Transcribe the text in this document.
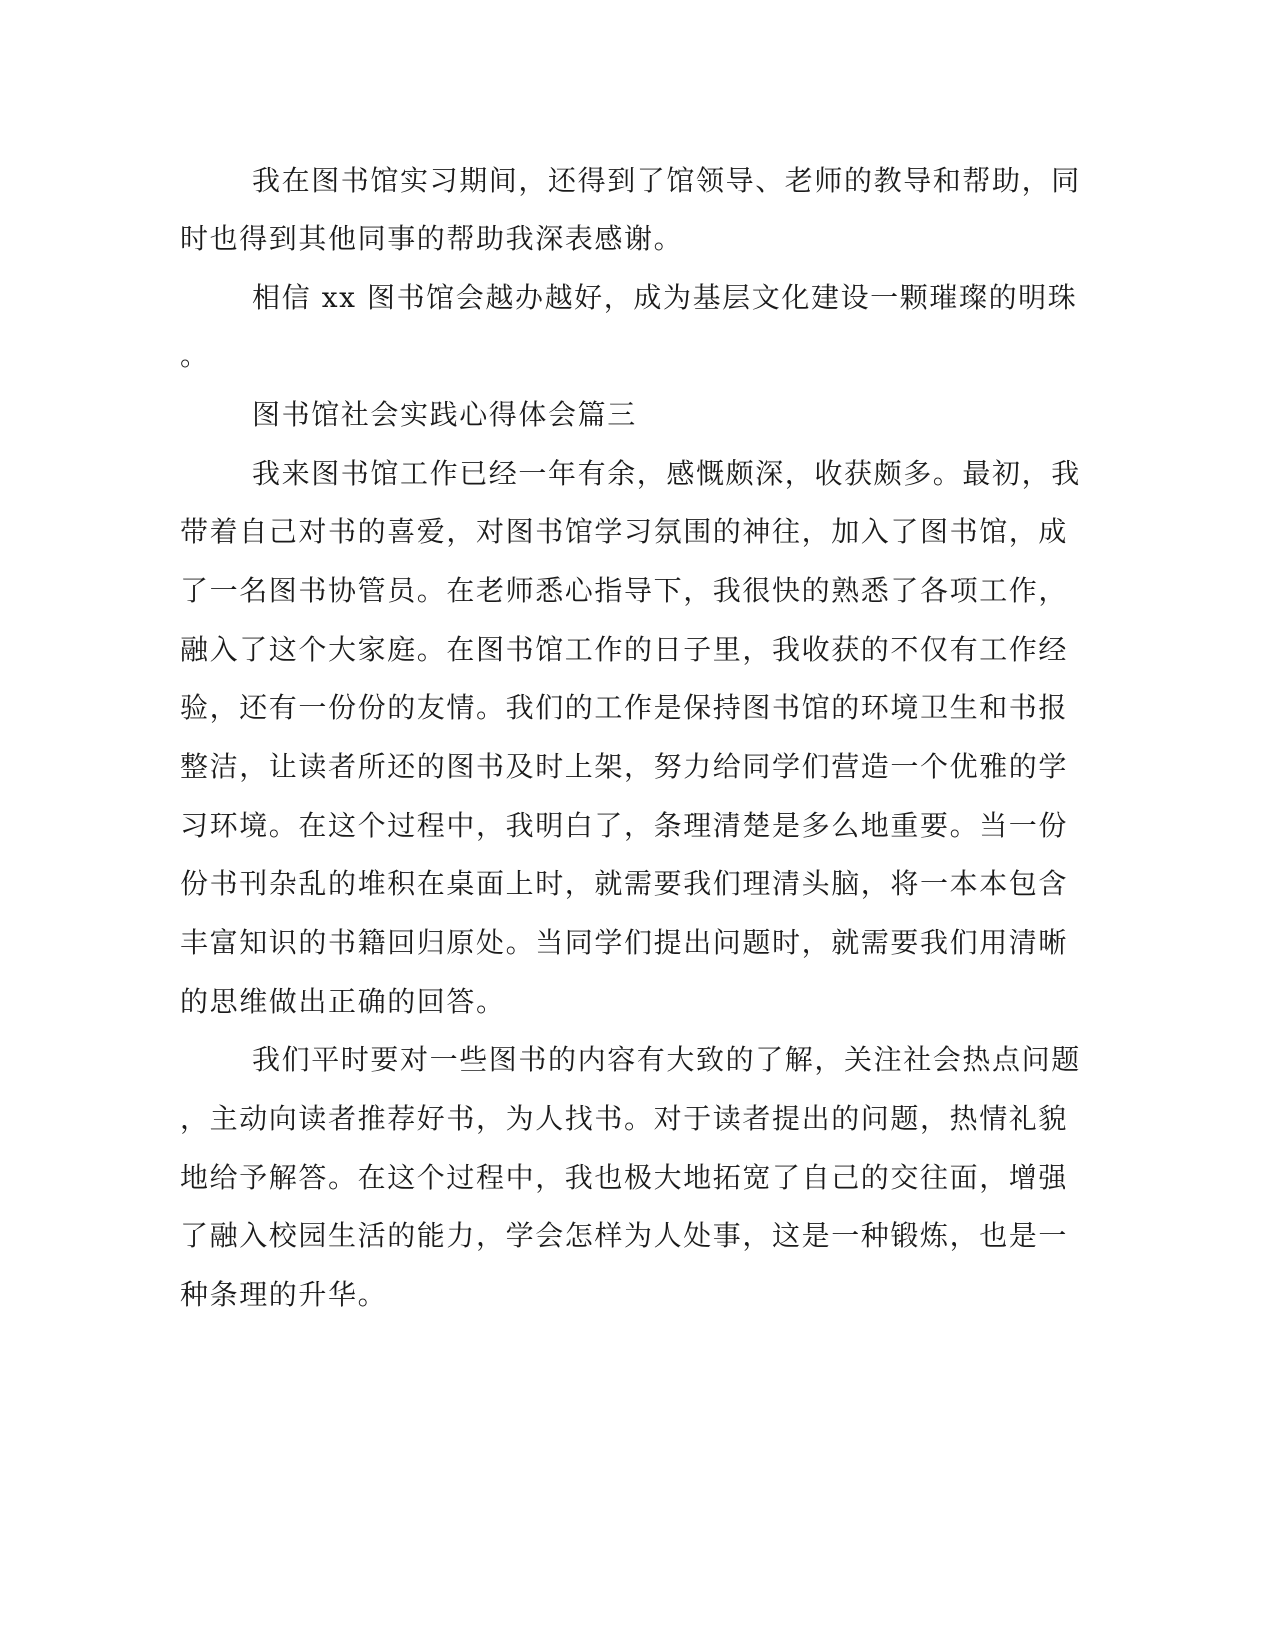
我在图书馆实习期间，还得到了馆领导、老师的教导和帮助，同
时也得到其他同事的帮助我深表感谢。
相信 xx 图书馆会越办越好，成为基层文化建设一颗璀璨的明珠
。
图书馆社会实践心得体会篇三
我来图书馆工作已经一年有余，感慨颇深，收获颇多。最初，我
带着自己对书的喜爱，对图书馆学习氛围的神往，加入了图书馆，成
了一名图书协管员。在老师悉心指导下，我很快的熟悉了各项工作，
融入了这个大家庭。在图书馆工作的日子里，我收获的不仅有工作经
验，还有一份份的友情。我们的工作是保持图书馆的环境卫生和书报
整洁，让读者所还的图书及时上架，努力给同学们营造一个优雅的学
习环境。在这个过程中，我明白了，条理清楚是多么地重要。当一份
份书刊杂乱的堆积在桌面上时，就需要我们理清头脑，将一本本包含
丰富知识的书籍回归原处。当同学们提出问题时，就需要我们用清晰
的思维做出正确的回答。
我们平时要对一些图书的内容有大致的了解，关注社会热点问题
，主动向读者推荐好书，为人找书。对于读者提出的问题，热情礼貌
地给予解答。在这个过程中，我也极大地拓宽了自己的交往面，增强
了融入校园生活的能力，学会怎样为人处事，这是一种锻炼，也是一
种条理的升华。
